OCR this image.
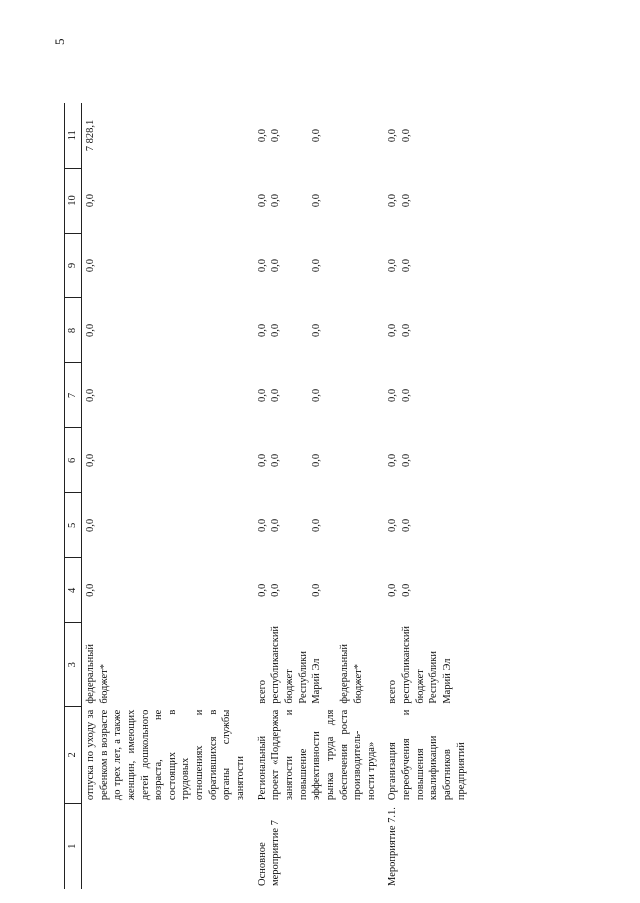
5
1	2	3	4	5	6	7	8	9	10	11
	отпуска по уходу за ребенком в возрасте до трех лет, а также женщин, имеющих детей дошкольного возраста, не состоящих в трудовых отношениях и обратившихся в органы службы занятости	федеральный бюджет*	0,0	0,0	0,0	0,0	0,0	0,0	0,0	7 828,1
Основное мероприятие 7	Региональный проект «Поддержка занятости и повышение эффективности рынка труда для обеспечения роста производитель-ности труда»	всего республиканский бюджет Республики Марий Эл федеральный бюджет*	0,0 0,0 0,0	0,0 0,0 0,0	0,0 0,0 0,0	0,0 0,0 0,0	0,0 0,0 0,0	0,0 0,0 0,0	0,0 0,0 0,0	0,0 0,0 0,0

Мероприятие 7.1.	Организация переобучения и повышения квалификации работников предприятий	всего республиканский бюджет Республики Марий Эл	0,0 0,0	0,0 0,0	0,0 0,0	0,0 0,0	0,0 0,0	0,0 0,0	0,0 0,0	0,0 0,0
